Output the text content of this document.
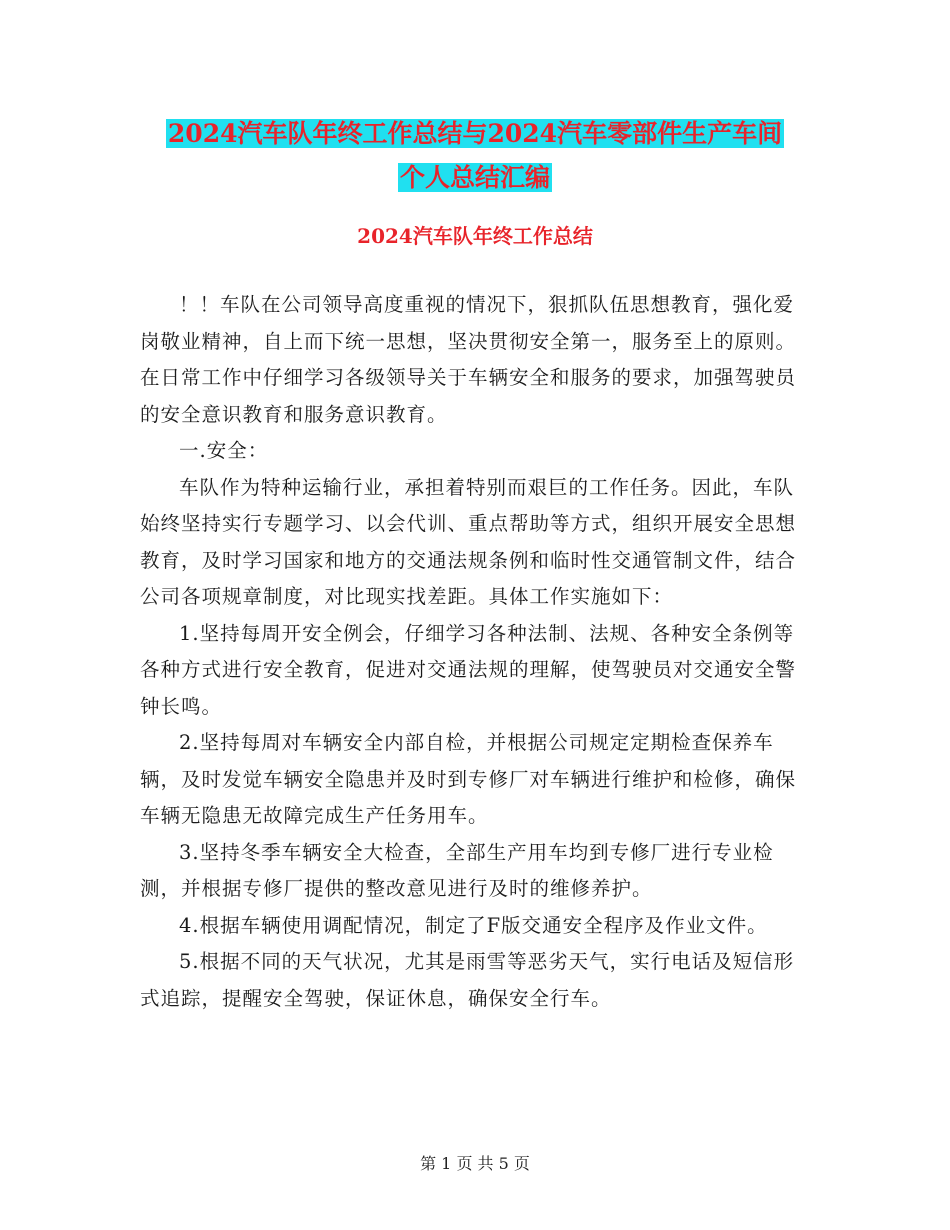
2024汽车队年终工作总结与2024汽车零部件生产车间
个人总结汇编
2024汽车队年终工作总结

！！车队在公司领导高度重视的情况下，狠抓队伍思想教育，强化爱岗敬业精神，自上而下统一思想，坚决贯彻安全第一，服务至上的原则。在日常工作中仔细学习各级领导关于车辆安全和服务的要求，加强驾驶员的安全意识教育和服务意识教育。

一.安全：

车队作为特种运输行业，承担着特别而艰巨的工作任务。因此，车队始终坚持实行专题学习、以会代训、重点帮助等方式，组织开展安全思想教育，及时学习国家和地方的交通法规条例和临时性交通管制文件，结合公司各项规章制度，对比现实找差距。具体工作实施如下：

1.坚持每周开安全例会，仔细学习各种法制、法规、各种安全条例等各种方式进行安全教育，促进对交通法规的理解，使驾驶员对交通安全警钟长鸣。

2.坚持每周对车辆安全内部自检，并根据公司规定定期检查保养车辆，及时发觉车辆安全隐患并及时到专修厂对车辆进行维护和检修，确保车辆无隐患无故障完成生产任务用车。

3.坚持冬季车辆安全大检查，全部生产用车均到专修厂进行专业检测，并根据专修厂提供的整改意见进行及时的维修养护。

4.根据车辆使用调配情况，制定了F版交通安全程序及作业文件。

5.根据不同的天气状况，尤其是雨雪等恶劣天气，实行电话及短信形式追踪，提醒安全驾驶，保证休息，确保安全行车。

第 1 页 共 5 页
